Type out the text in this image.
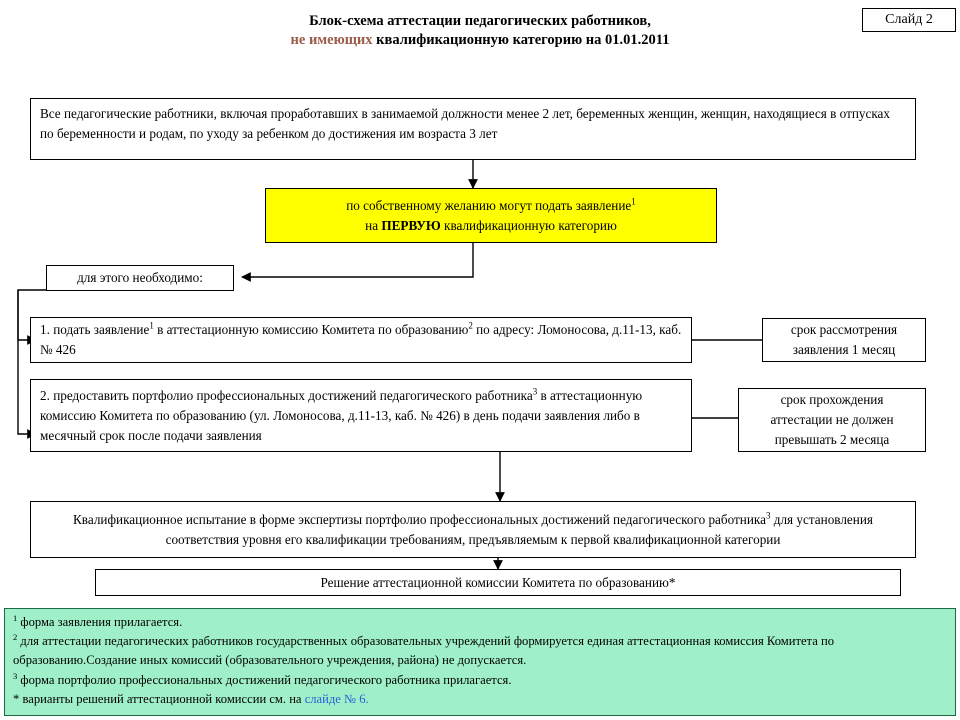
Слайд 2
Блок-схема аттестации педагогических работников,
не имеющих квалификационную категорию на 01.01.2011
Все педагогические работники, включая проработавших в занимаемой должности менее 2 лет, беременных женщин, женщин, находящиеся в отпусках по беременности и родам, по уходу за ребенком до достижения им возраста 3 лет
по собственному желанию могут подать заявление$^1$
на ПЕРВУЮ квалификационную категорию
для этого необходимо:
1. подать заявление$^1$ в аттестационную комиссию Комитета по образованию$^2$ по адресу: Ломоносова, д.11-13, каб. № 426
2. предоставить портфолио профессиональных достижений педагогического работника$^3$ в аттестационную комиссию Комитета по образованию (ул. Ломоносова, д.11-13, каб. № 426) в день подачи заявления либо в месячный срок после подачи заявления
срок рассмотрения
заявления 1 месяц
срок прохождения
аттестации не должен
превышать 2 месяца
Квалификационное испытание в форме экспертизы портфолио профессиональных достижений педагогического работника$^3$ для установления соответствия уровня его квалификации требованиям, предъявляемым к первой квалификационной категории
Решение аттестационной комиссии Комитета по образованию*
$^1$ форма заявления прилагается.
$^2$ для аттестации педагогических работников государственных образовательных учреждений формируется единая аттестационная комиссия Комитета по образованию.Создание иных комиссий (образовательного учреждения, района) не допускается.
$^3$ форма портфолио профессиональных достижений педагогического работника прилагается.
* варианты решений аттестационной комиссии см. на слайде № 6.
